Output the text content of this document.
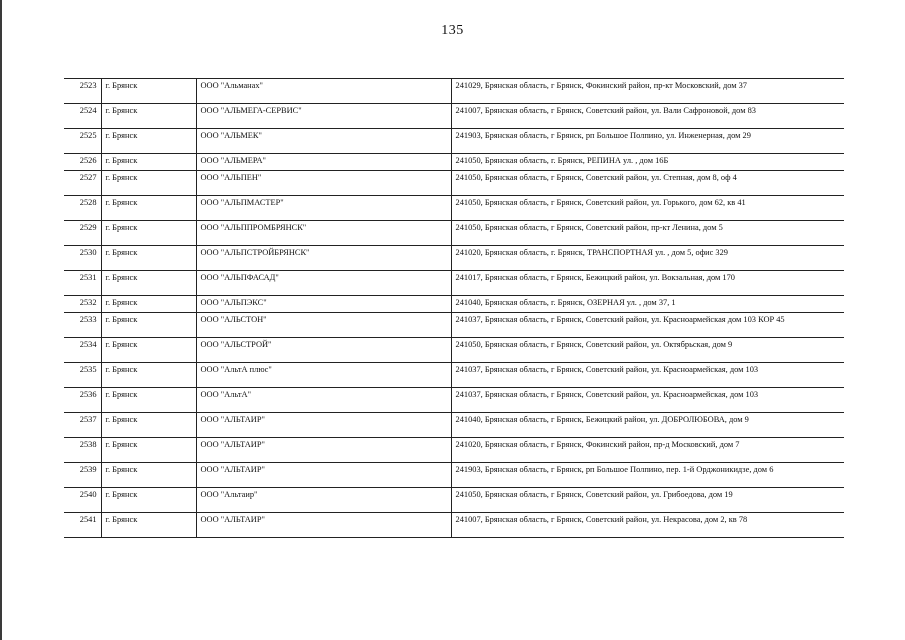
135
2523	г. Брянск	ООО "Альманах"	241029, Брянская область, г Брянск, Фокинский район, пр-кт Московский, дом 37
2524	г. Брянск	ООО "АЛЬМЕГА-СЕРВИС"	241007, Брянская область, г Брянск, Советский район, ул. Вали Сафроновой, дом 83
2525	г. Брянск	ООО "АЛЬМЕК"	241903, Брянская область, г Брянск, рп Большое Полпино, ул. Инженерная, дом 29
2526	г. Брянск	ООО "АЛЬМЕРА"	241050, Брянская область, г. Брянск, РЕПИНА ул. , дом 16Б
2527	г. Брянск	ООО "АЛЬПЕН"	241050, Брянская область, г Брянск, Советский район, ул. Степная, дом 8, оф 4
2528	г. Брянск	ООО "АЛЬПМАСТЕР"	241050, Брянская область, г Брянск, Советский район, ул. Горького, дом 62, кв 41
2529	г. Брянск	ООО "АЛЬППРОМБРЯНСК"	241050, Брянская область, г Брянск, Советский район, пр-кт Ленина, дом 5
2530	г. Брянск	ООО "АЛЬПСТРОЙБРЯНСК"	241020, Брянская область, г. Брянск, ТРАНСПОРТНАЯ ул. , дом 5, офис 329
2531	г. Брянск	ООО "АЛЬПФАСАД"	241017, Брянская область, г Брянск, Бежицкий район, ул. Вокзальная, дом 170
2532	г. Брянск	ООО "АЛЬПЭКС"	241040, Брянская область, г. Брянск, ОЗЕРНАЯ ул. , дом 37, 1
2533	г. Брянск	ООО "АЛЬСТОН"	241037, Брянская область, г Брянск, Советский район, ул. Красноармейская дом 103 КОР 45
2534	г. Брянск	ООО "АЛЬСТРОЙ"	241050, Брянская область, г Брянск, Советский район, ул. Октябрьская, дом 9
2535	г. Брянск	ООО "АльтА плюс"	241037, Брянская область, г Брянск, Советский район, ул. Красноармейская, дом 103
2536	г. Брянск	ООО "АльтА"	241037, Брянская область, г Брянск, Советский район, ул. Красноармейская, дом 103
2537	г. Брянск	ООО "АЛЬТАИР"	241040, Брянская область, г Брянск, Бежицкий район, ул. ДОБРОЛЮБОВА, дом 9
2538	г. Брянск	ООО "АЛЬТАИР"	241020, Брянская область, г Брянск, Фокинский район, пр-д Московский, дом 7
2539	г. Брянск	ООО "АЛЬТАИР"	241903, Брянская область, г Брянск, рп Большое Полпино, пер. 1-й Орджоникидзе, дом 6
2540	г. Брянск	ООО "Альтаир"	241050, Брянская область, г Брянск, Советский район, ул. Грибоедова, дом 19
2541	г. Брянск	ООО "АЛЬТАИР"	241007, Брянская область, г Брянск, Советский район, ул. Некрасова, дом 2, кв 78
